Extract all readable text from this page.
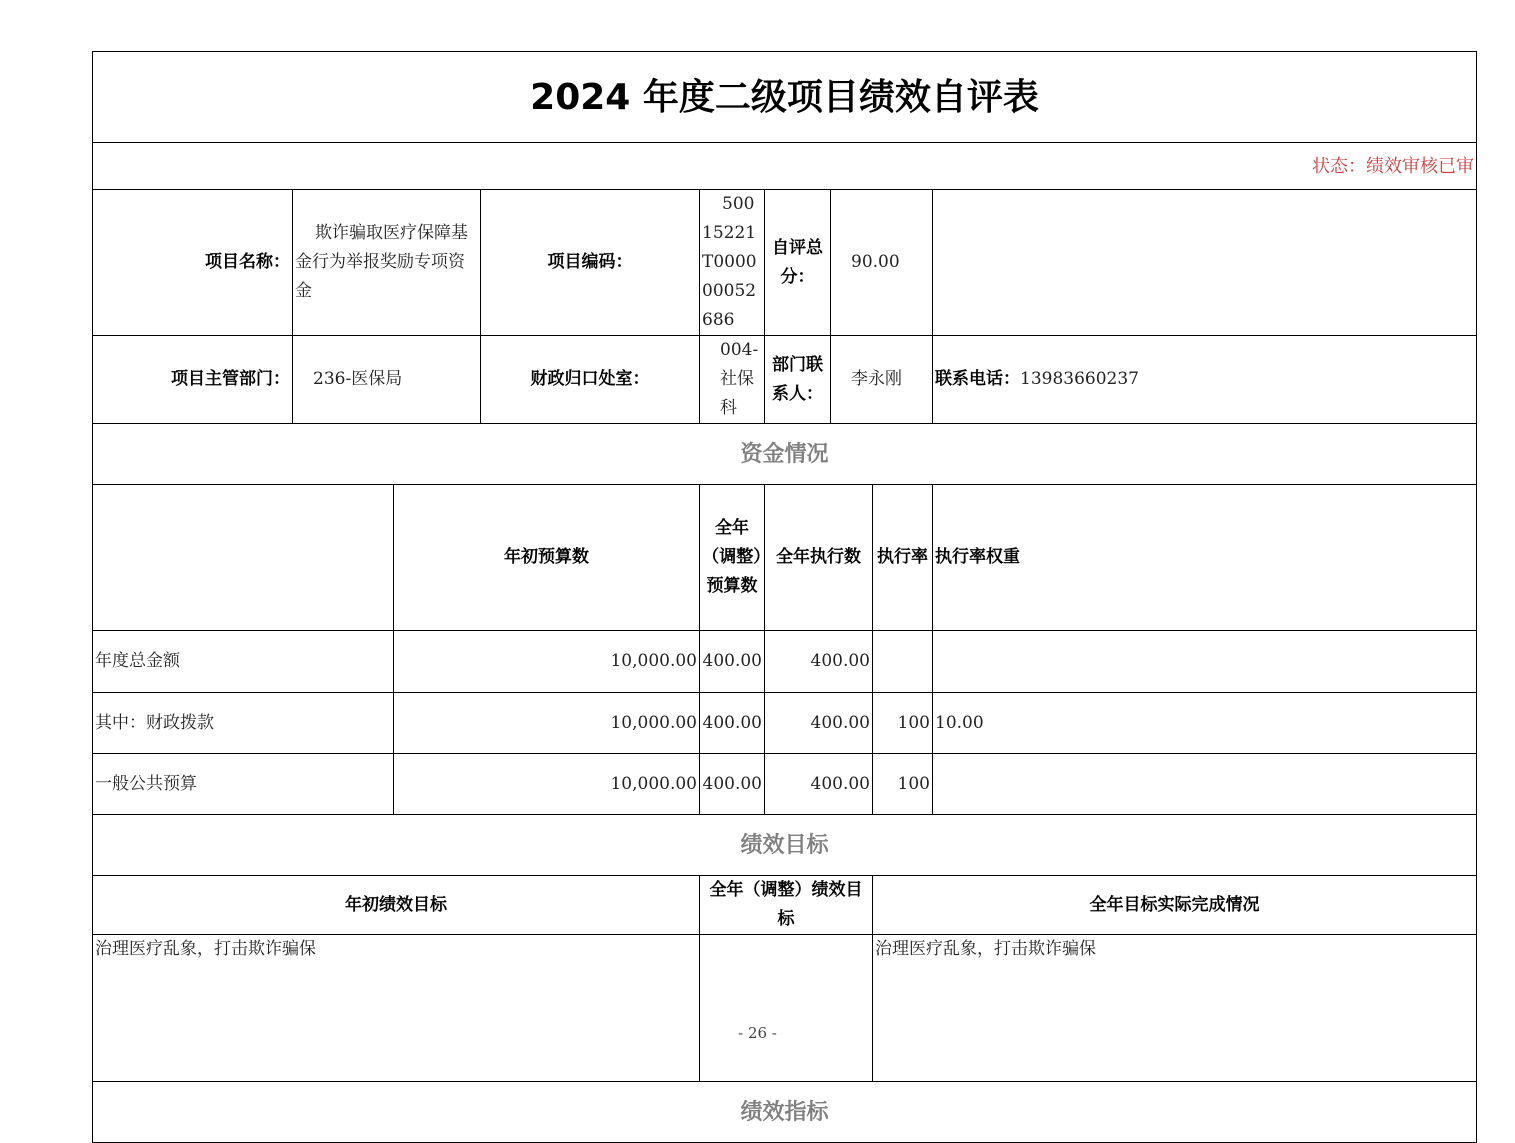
2024 年度二级项目绩效自评表									
状态：绩效审核已审									
项目名称：	欺诈骗取医疗保障基金行为举报奖励专项资金		项目编码：	50015221T000000052686	自评总分：	90.00			
项目主管部门：	236-医保局		财政归口处室：	004-社保科	部门联系人：	李永刚		联系电话：13983660237	
资金情况									
		年初预算数		全年（调整）预算数	全年执行数		执行率	执行率权重	
年度总金额		10,000.00		400.00	400.00				
其中：财政拨款		10,000.00		400.00	400.00		100	10.00	
一般公共预算		10,000.00		400.00	400.00		100		
绩效目标									
年初绩效目标				全年（调整）绩效目标			全年目标实际完成情况		
治理医疗乱象，打击欺诈骗保							治理医疗乱象，打击欺诈骗保		
绩效指标									
- 26 -
